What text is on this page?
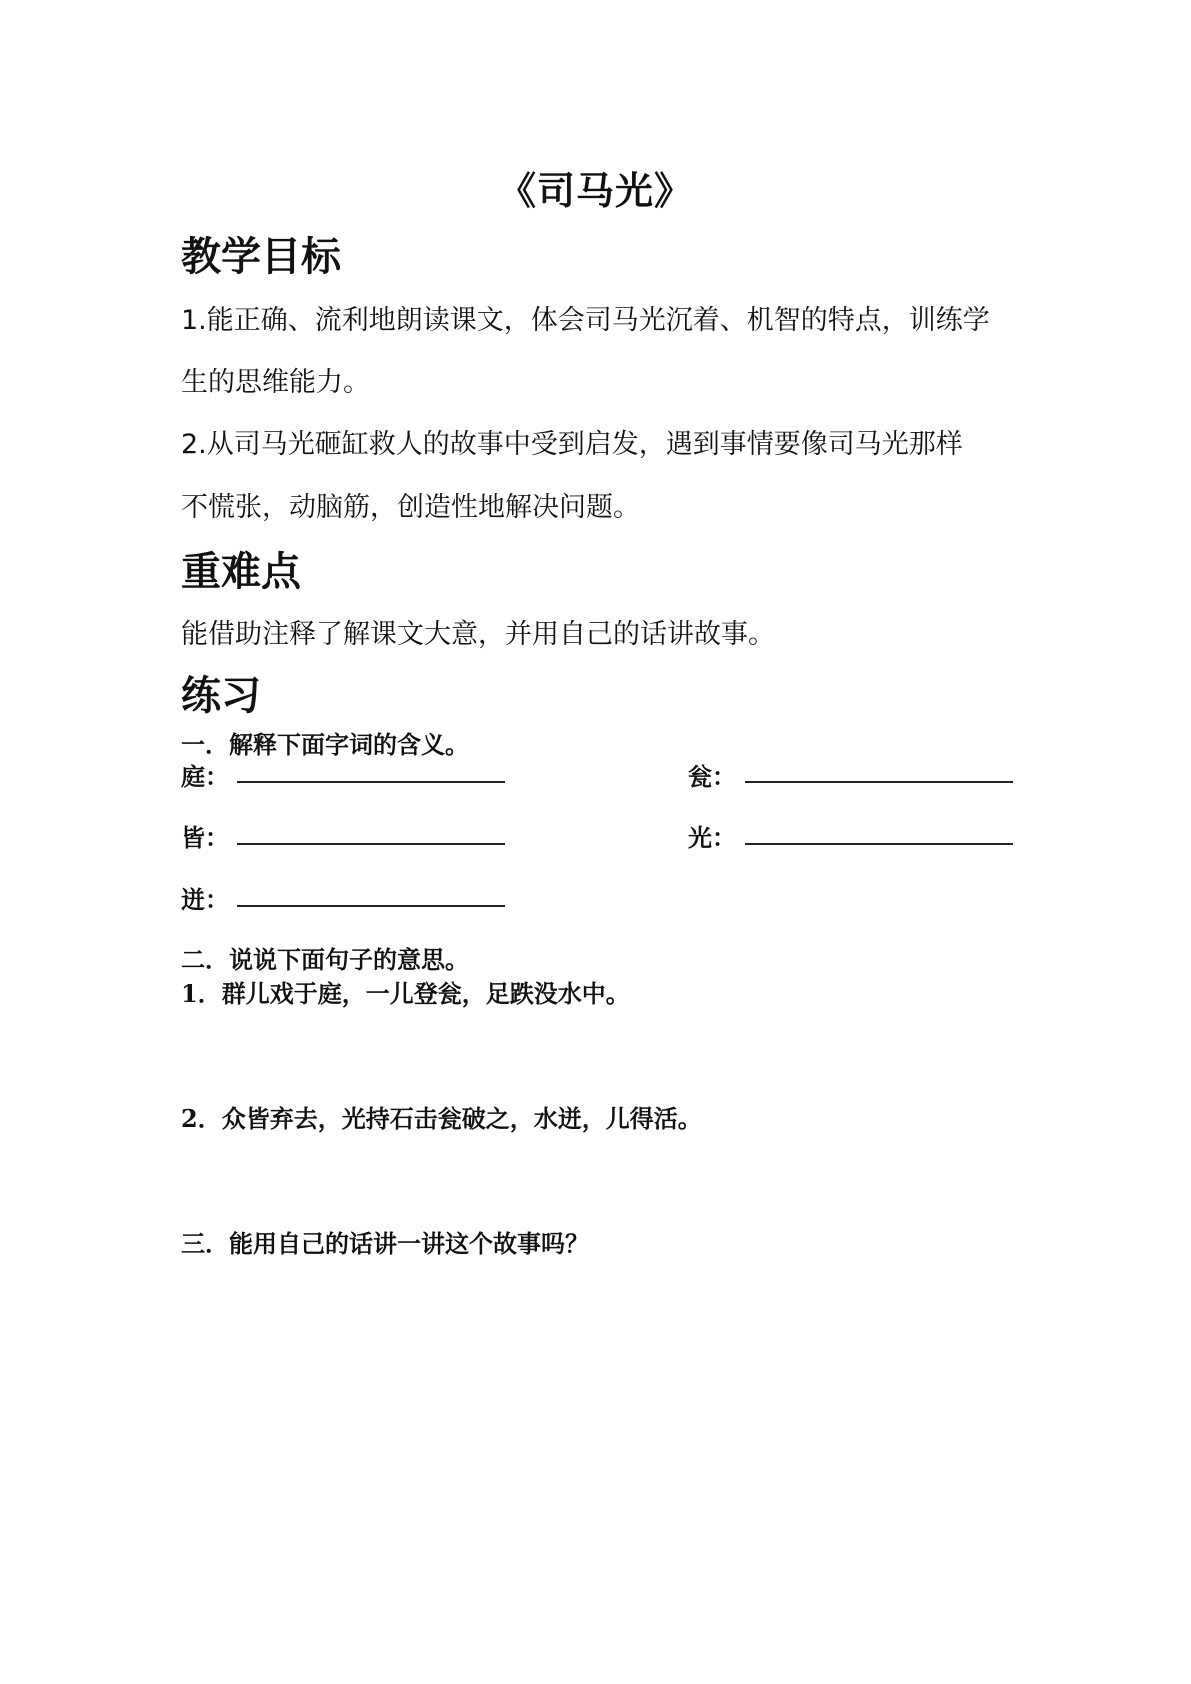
《司马光》
教学目标
1.能正确、流利地朗读课文，体会司马光沉着、机智的特点，训练学
生的思维能力。
2.从司马光砸缸救人的故事中受到启发，遇到事情要像司马光那样
不慌张，动脑筋，创造性地解决问题。
重难点
能借助注释了解课文大意，并用自己的话讲故事。
练习
一．解释下面字词的含义。
庭：	瓮：
皆：	光：
迸：
二．说说下面句子的意思。
1．群儿戏于庭，一儿登瓮，足跌没水中。
2．众皆弃去，光持石击瓮破之，水迸，儿得活。
三．能用自己的话讲一讲这个故事吗？
